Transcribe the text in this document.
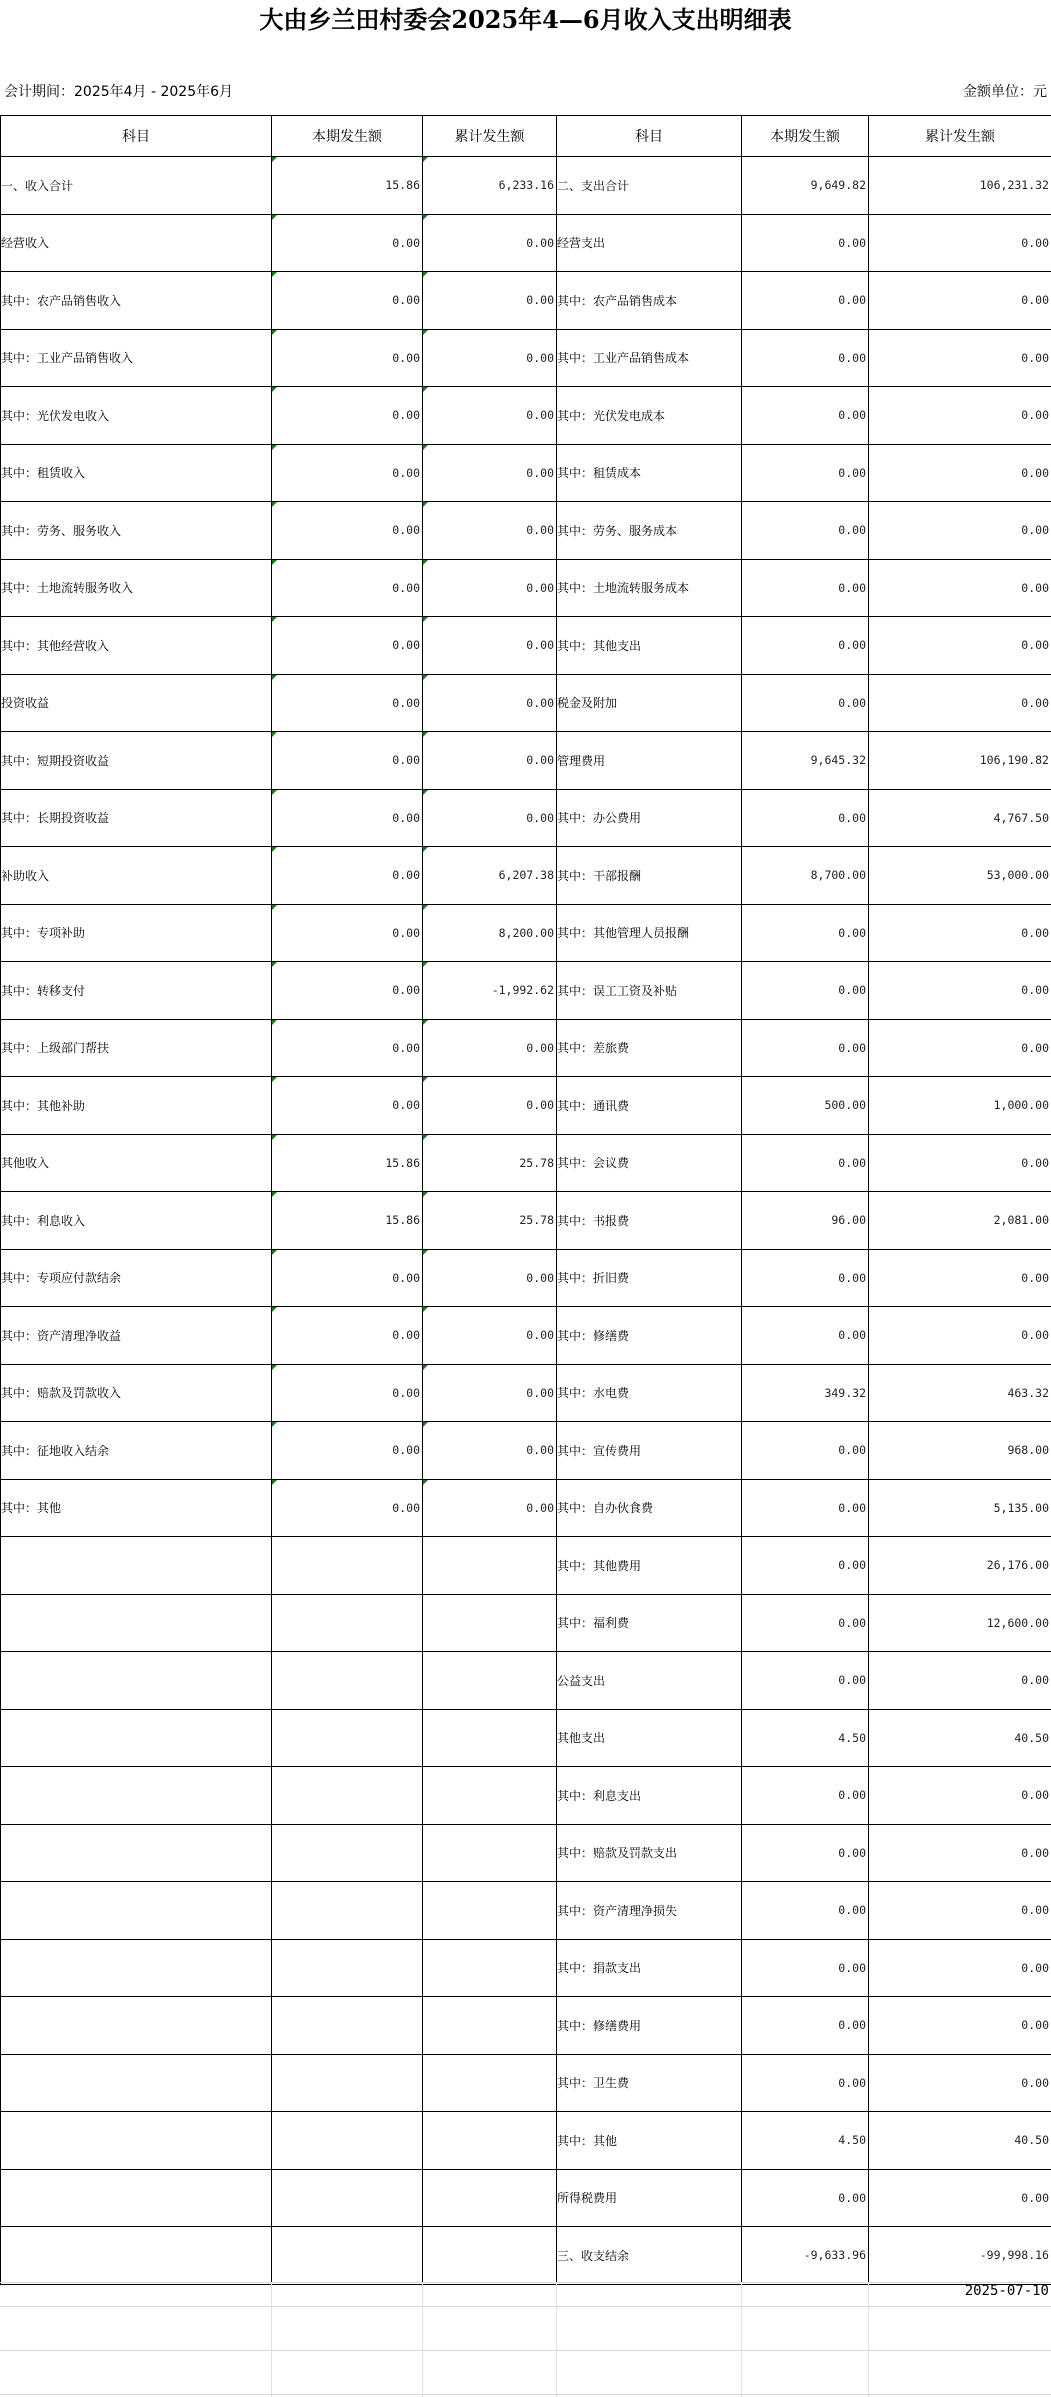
大由乡兰田村委会2025年4—6月收入支出明细表
会计期间：2025年4月 - 2025年6月	金额单位：元
科目	本期发生额	累计发生额	科目	本期发生额	累计发生额
一、收入合计	15.86	6,233.16	二、支出合计	9,649.82	106,231.32
经营收入	0.00	0.00	经营支出	0.00	0.00
其中：农产品销售收入	0.00	0.00	其中：农产品销售成本	0.00	0.00
其中：工业产品销售收入	0.00	0.00	其中：工业产品销售成本	0.00	0.00
其中：光伏发电收入	0.00	0.00	其中：光伏发电成本	0.00	0.00
其中：租赁收入	0.00	0.00	其中：租赁成本	0.00	0.00
其中：劳务、服务收入	0.00	0.00	其中：劳务、服务成本	0.00	0.00
其中：土地流转服务收入	0.00	0.00	其中：土地流转服务成本	0.00	0.00
其中：其他经营收入	0.00	0.00	其中：其他支出	0.00	0.00
投资收益	0.00	0.00	税金及附加	0.00	0.00
其中：短期投资收益	0.00	0.00	管理费用	9,645.32	106,190.82
其中：长期投资收益	0.00	0.00	其中：办公费用	0.00	4,767.50
补助收入	0.00	6,207.38	其中：干部报酬	8,700.00	53,000.00
其中：专项补助	0.00	8,200.00	其中：其他管理人员报酬	0.00	0.00
其中：转移支付	0.00	-1,992.62	其中：误工工资及补贴	0.00	0.00
其中：上级部门帮扶	0.00	0.00	其中：差旅费	0.00	0.00
其中：其他补助	0.00	0.00	其中：通讯费	500.00	1,000.00
其他收入	15.86	25.78	其中：会议费	0.00	0.00
其中：利息收入	15.86	25.78	其中：书报费	96.00	2,081.00
其中：专项应付款结余	0.00	0.00	其中：折旧费	0.00	0.00
其中：资产清理净收益	0.00	0.00	其中：修缮费	0.00	0.00
其中：赔款及罚款收入	0.00	0.00	其中：水电费	349.32	463.32
其中：征地收入结余	0.00	0.00	其中：宣传费用	0.00	968.00
其中：其他	0.00	0.00	其中：自办伙食费	0.00	5,135.00
			其中：其他费用	0.00	26,176.00
			其中：福利费	0.00	12,600.00
			公益支出	0.00	0.00
			其他支出	4.50	40.50
			其中：利息支出	0.00	0.00
			其中：赔款及罚款支出	0.00	0.00
			其中：资产清理净损失	0.00	0.00
			其中：捐款支出	0.00	0.00
			其中：修缮费用	0.00	0.00
			其中：卫生费	0.00	0.00
			其中：其他	4.50	40.50
			所得税费用	0.00	0.00
			三、收支结余	-9,633.96	-99,998.16
2025-07-10
